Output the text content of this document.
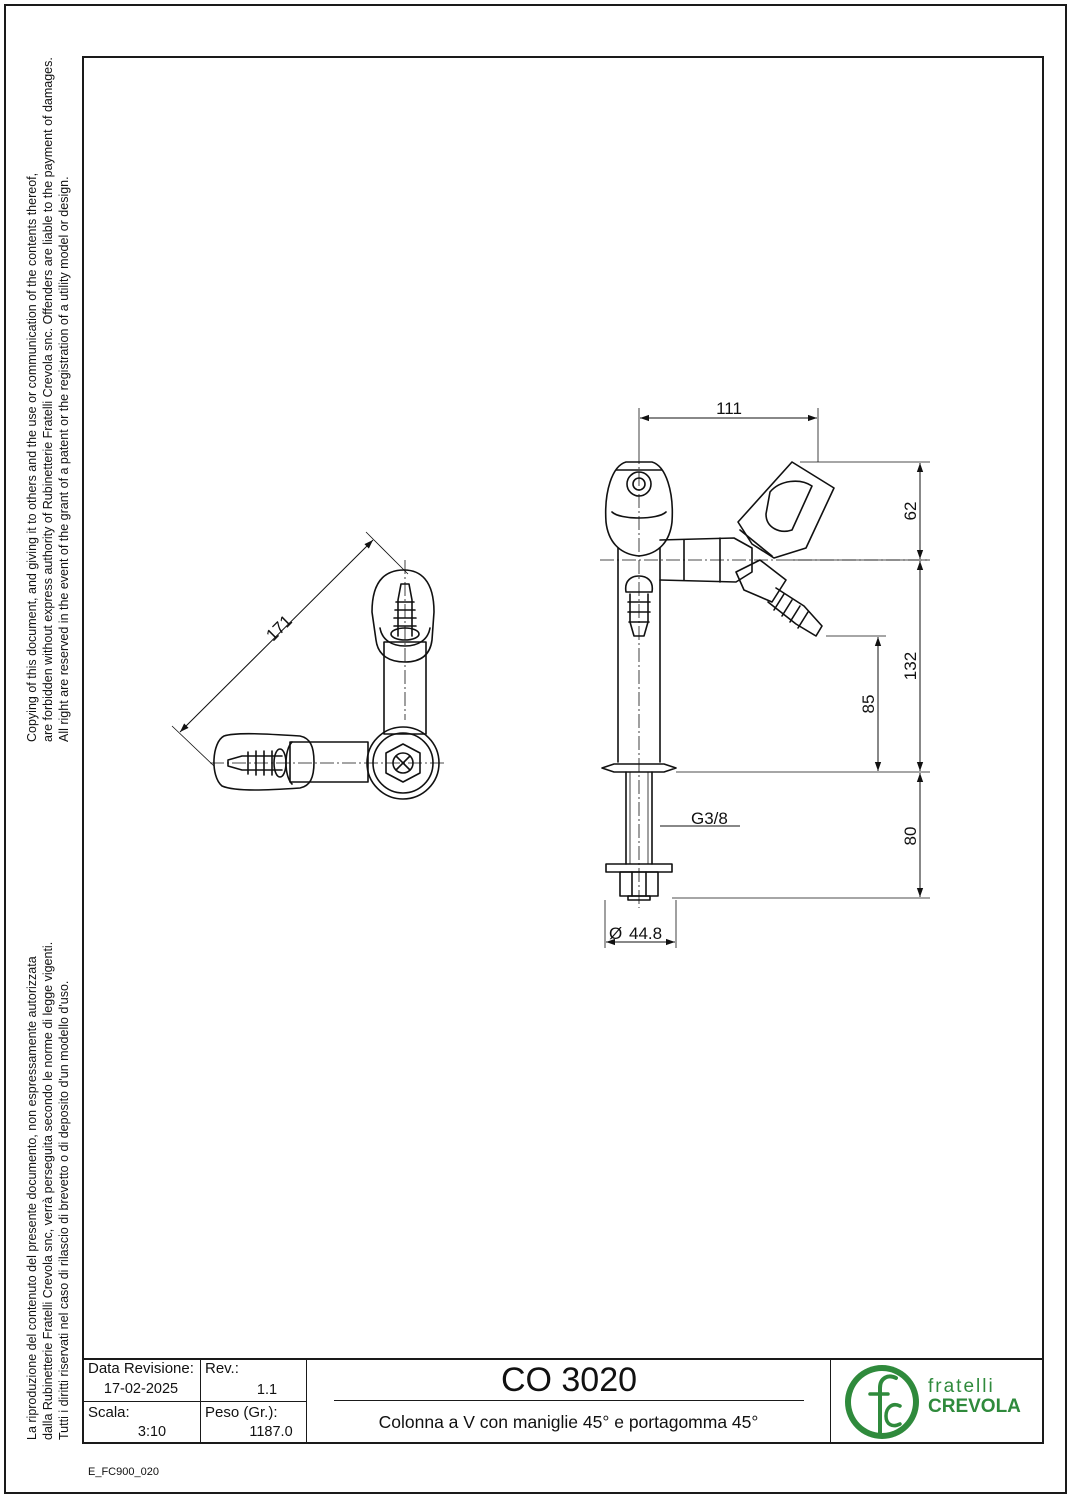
Copying of this document, and giving it to others and the use or communication of the contents thereof, are forbidden without express authority of Rubinetterie Fratelli Crevola snc. Offenders are liable to the payment of damages. All right are reserved in the event of the grant of a patent or the registration of a utility model or design.
La riproduzione del contenuto del presente documento, non espressamente autorizzata dalla Rubinetterie Fratelli Crevola snc, verrà perseguita secondo le norme di legge vigenti. Tutti i diritti riservati nel caso di rilascio di brevetto o di deposito d'un modello d'uso.
111
171
62
132
85
80
G3/8
Ø 44.8
Data Revisione:
17-02-2025
Rev.:
1.1
Scala:
3:10
Peso (Gr.):
1187.0
CO 3020
Colonna a V con maniglie 45° e portagomma 45°
fratelli
CREVOLA
E_FC900_020
